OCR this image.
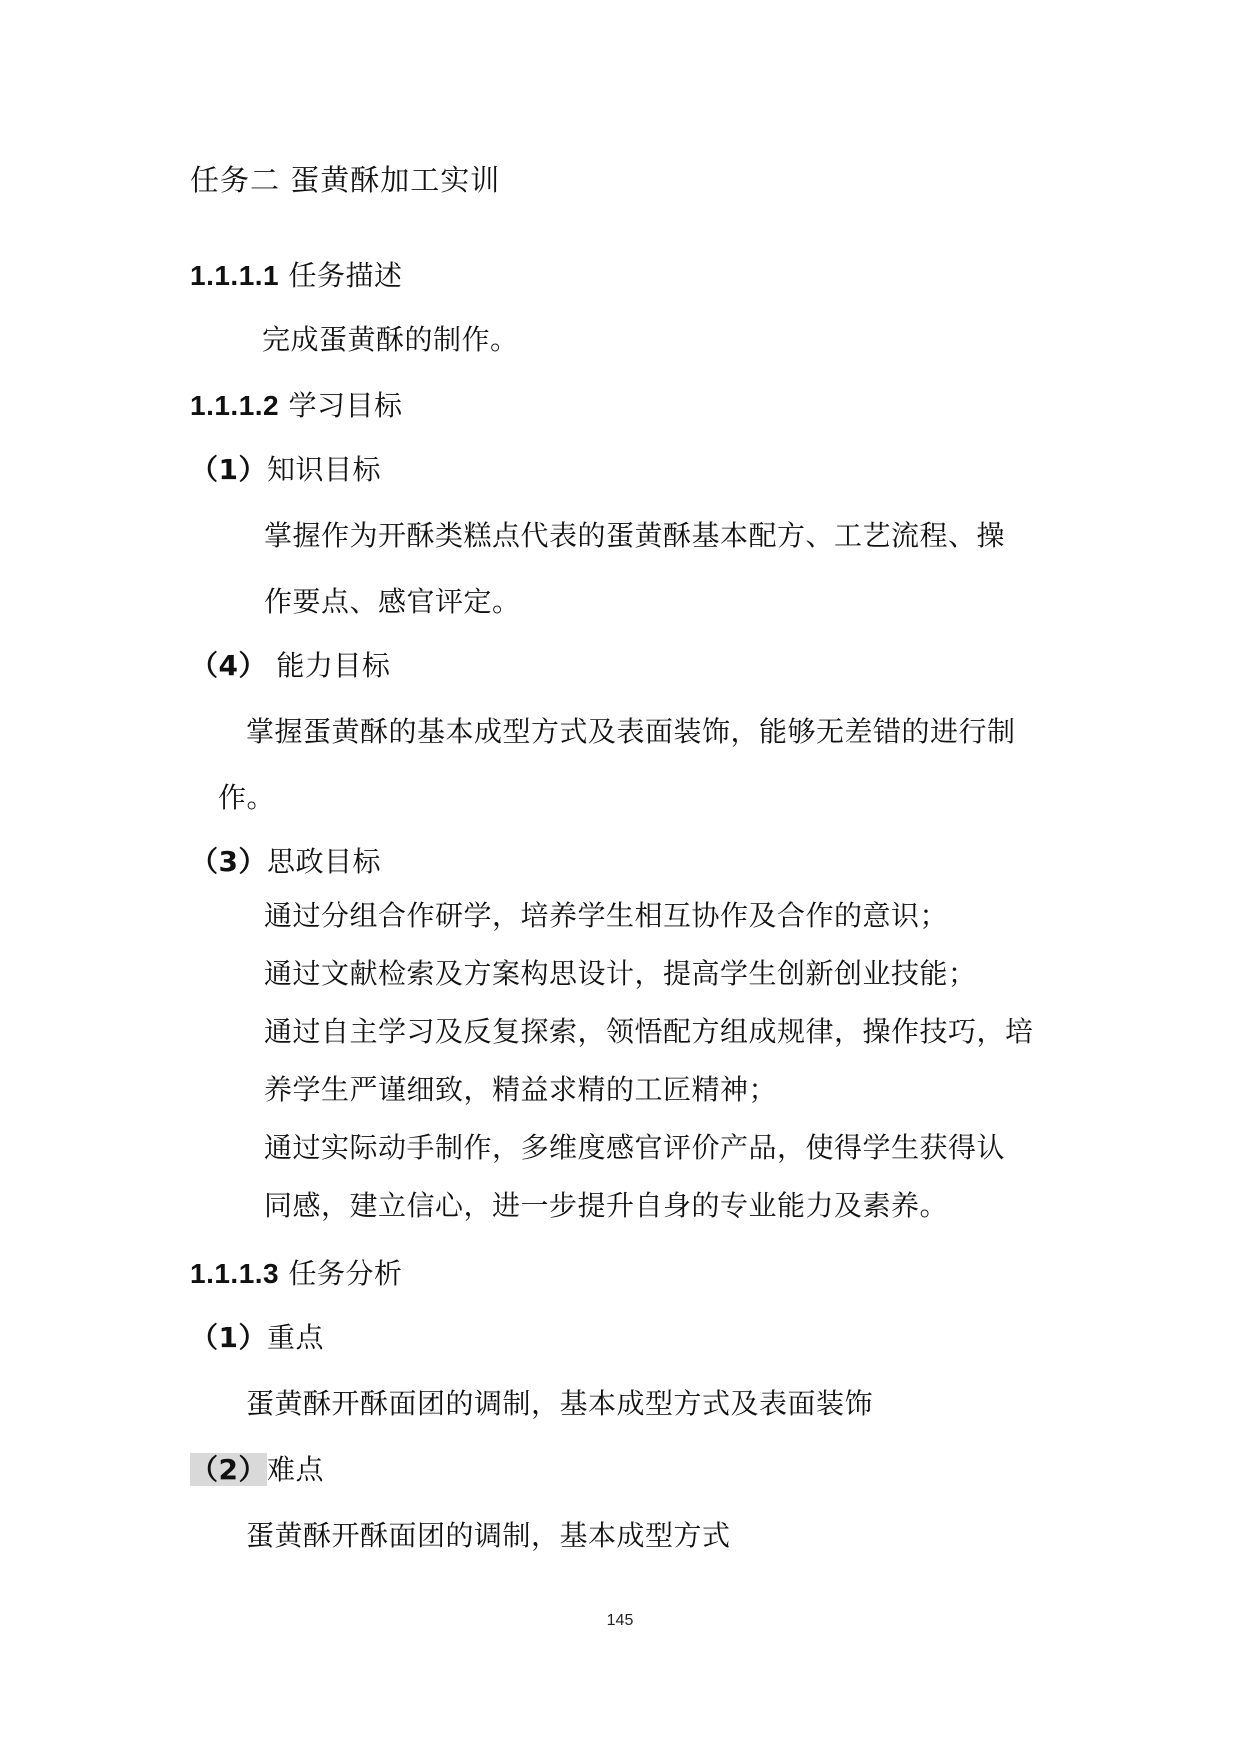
任务二 蛋黄酥加工实训
1.1.1.1 任务描述
完成蛋黄酥的制作。
1.1.1.2 学习目标
（1）知识目标
掌握作为开酥类糕点代表的蛋黄酥基本配方、工艺流程、操
作要点、感官评定。
（4） 能力目标
掌握蛋黄酥的基本成型方式及表面装饰，能够无差错的进行制
作。
（3）思政目标
通过分组合作研学，培养学生相互协作及合作的意识；
通过文献检索及方案构思设计，提高学生创新创业技能；
通过自主学习及反复探索，领悟配方组成规律，操作技巧，培
养学生严谨细致，精益求精的工匠精神；
通过实际动手制作，多维度感官评价产品，使得学生获得认
同感，建立信心，进一步提升自身的专业能力及素养。
1.1.1.3 任务分析
（1）重点
蛋黄酥开酥面团的调制，基本成型方式及表面装饰
（2）难点
蛋黄酥开酥面团的调制，基本成型方式
145
